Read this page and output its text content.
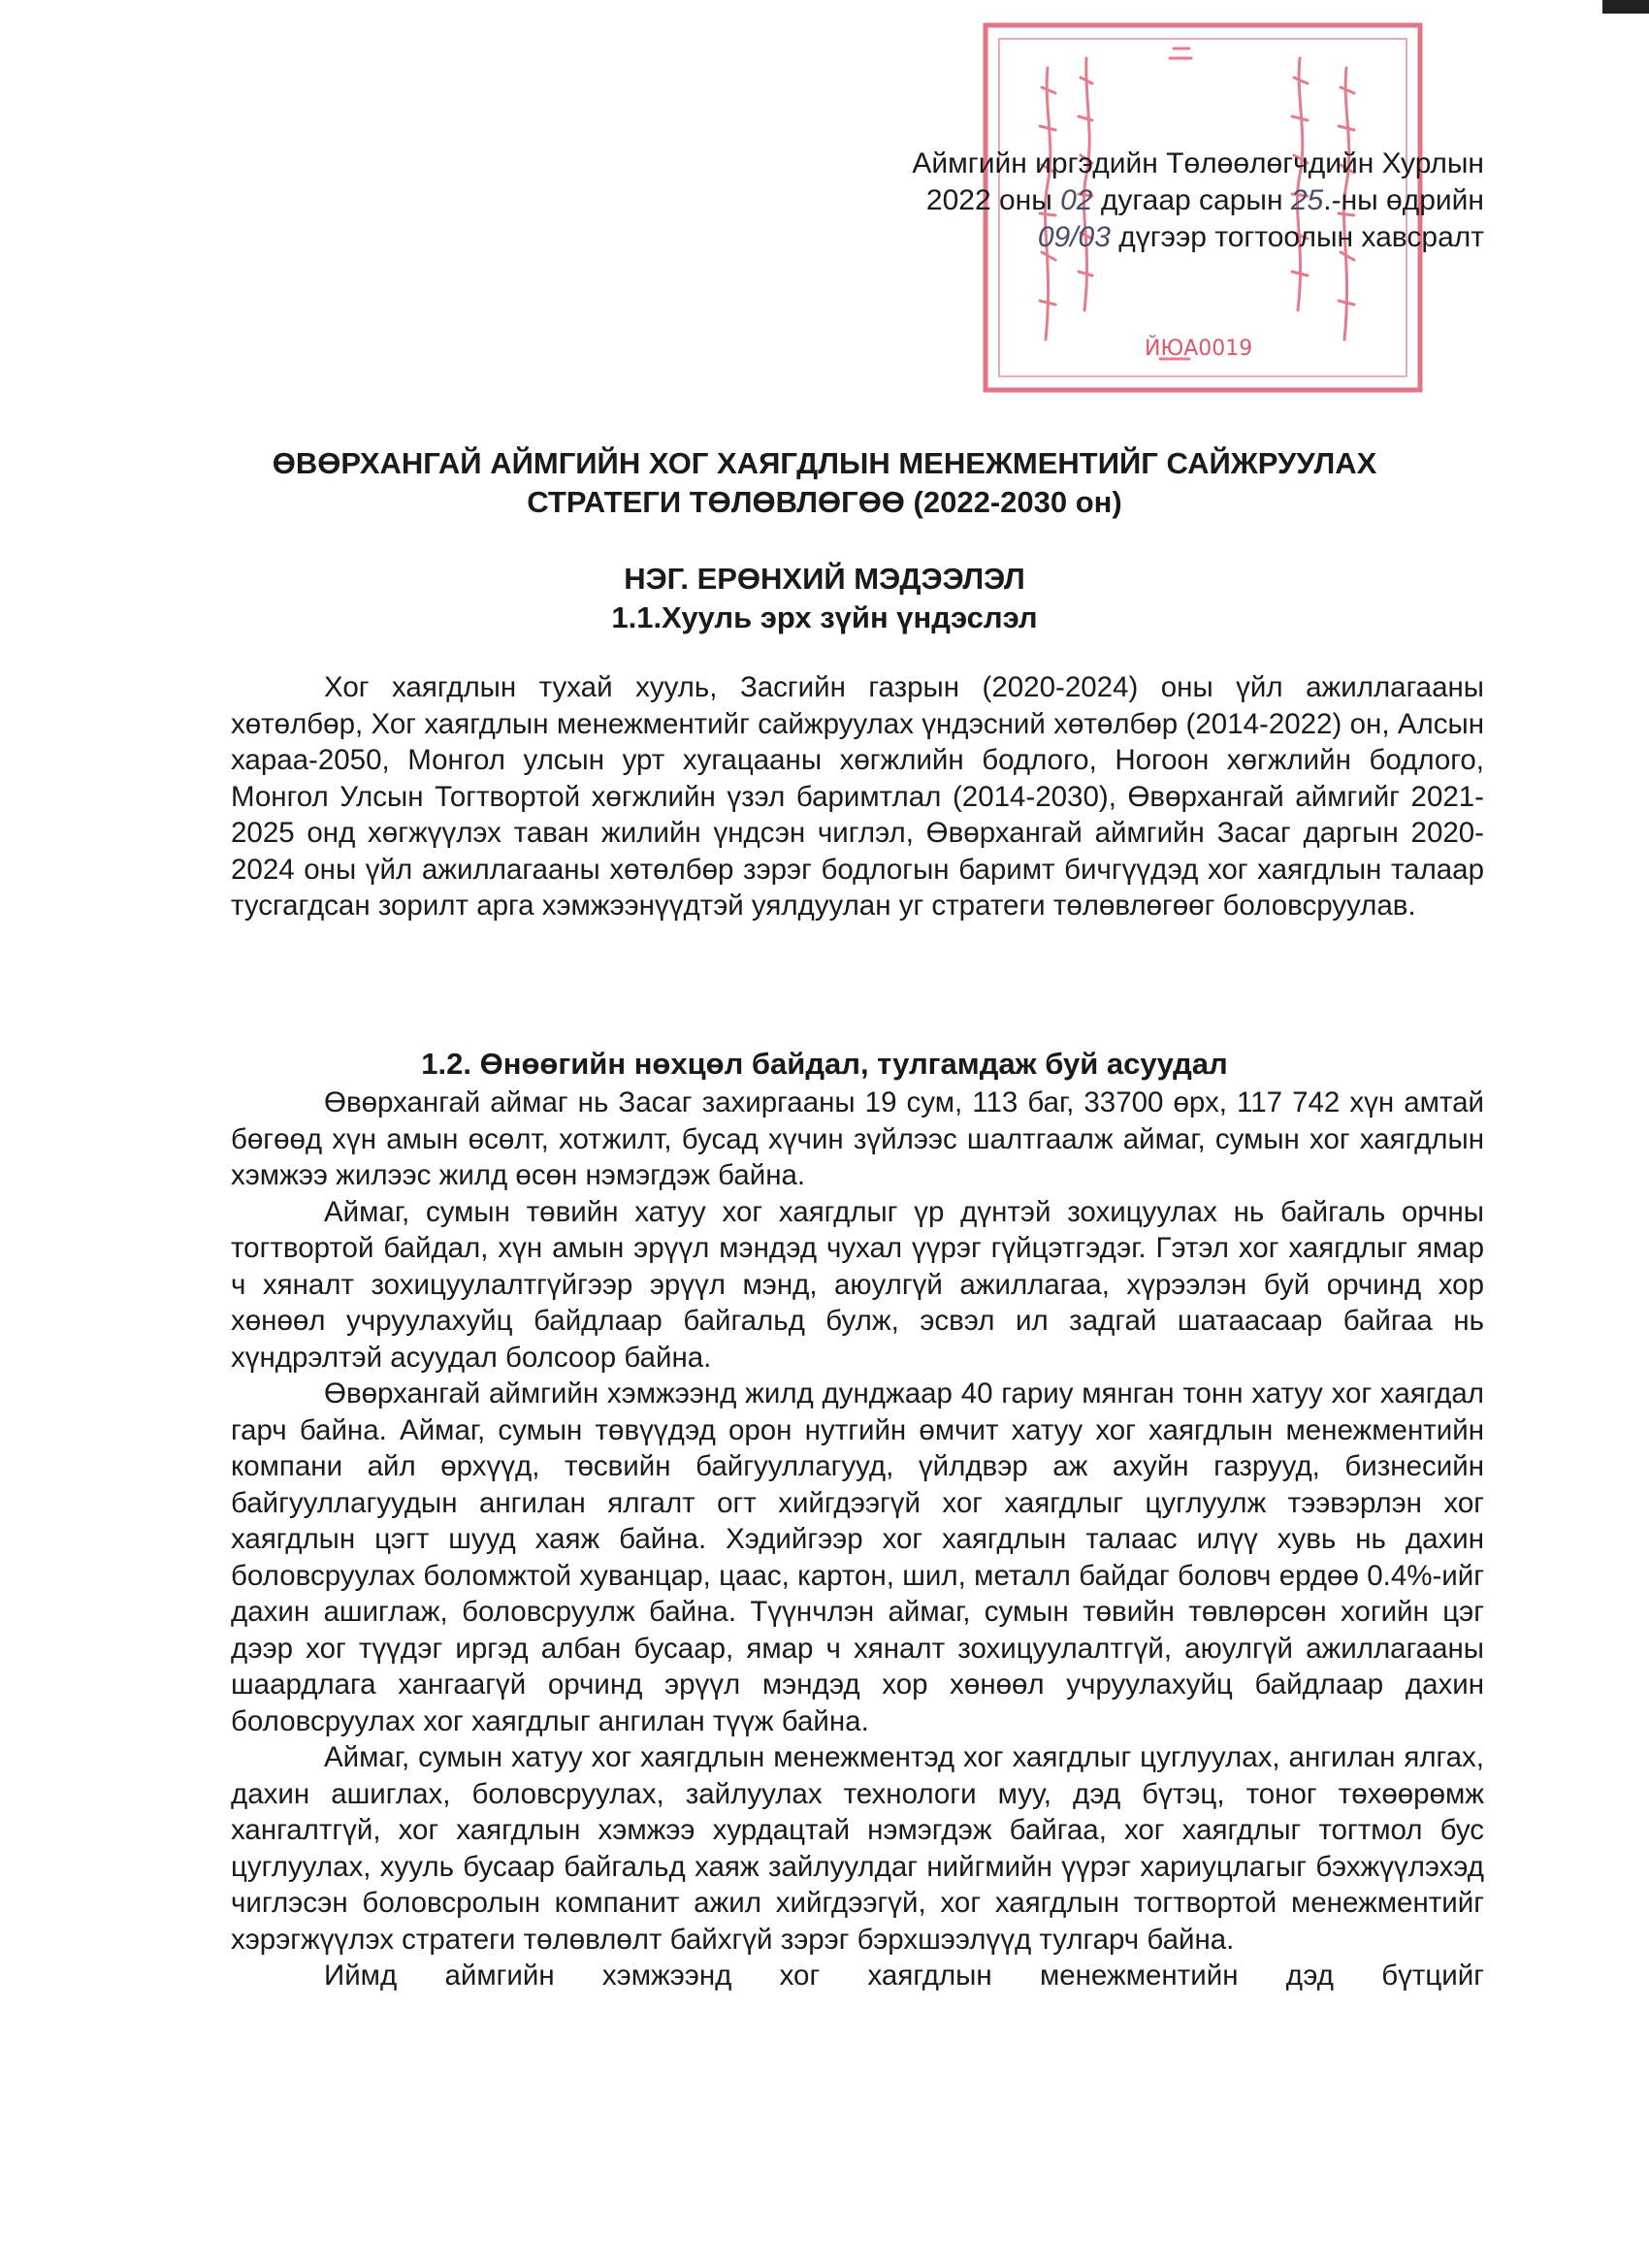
ЙЮА0019
Аймгийн иргэдийн Төлөөлөгчдийн Хурлын
2022 оны 02 дугаар сарын 25.-ны өдрийн
09/03 дүгээр тогтоолын хавсралт
ӨВӨРХАНГАЙ АЙМГИЙН ХОГ ХАЯГДЛЫН МЕНЕЖМЕНТИЙГ САЙЖРУУЛАХ
СТРАТЕГИ ТӨЛӨВЛӨГӨӨ (2022-2030 он)
НЭГ. ЕРӨНХИЙ МЭДЭЭЛЭЛ
1.1.Хууль эрх зүйн үндэслэл

Хог хаягдлын тухай хууль, Засгийн газрын (2020-2024) оны үйл ажиллагааны хөтөлбөр, Хог хаягдлын менежментийг сайжруулах үндэсний хөтөлбөр (2014-2022) он, Алсын хараа-2050, Монгол улсын урт хугацааны хөгжлийн бодлого, Ногоон хөгжлийн бодлого, Монгол Улсын Тогтвортой хөгжлийн үзэл баримтлал (2014-2030), Өвөрхангай аймгийг 2021-2025 онд хөгжүүлэх таван жилийн үндсэн чиглэл, Өвөрхангай аймгийн Засаг даргын 2020-2024 оны үйл ажиллагааны хөтөлбөр зэрэг бодлогын баримт бичгүүдэд хог хаягдлын талаар тусгагдсан зорилт арга хэмжээнүүдтэй уялдуулан уг стратеги төлөвлөгөөг боловсруулав.

1.2. Өнөөгийн нөхцөл байдал, тулгамдаж буй асуудал

Өвөрхангай аймаг нь Засаг захиргааны 19 сум, 113 баг, 33700 өрх, 117 742 хүн амтай бөгөөд хүн амын өсөлт, хотжилт, бусад хүчин зүйлээс шалтгаалж аймаг, сумын хог хаягдлын хэмжээ жилээс жилд өсөн нэмэгдэж байна.

Аймаг, сумын төвийн хатуу хог хаягдлыг үр дүнтэй зохицуулах нь байгаль орчны тогтвортой байдал, хүн амын эрүүл мэндэд чухал үүрэг гүйцэтгэдэг. Гэтэл хог хаягдлыг ямар ч хяналт зохицуулалтгүйгээр эрүүл мэнд, аюулгүй ажиллагаа, хүрээлэн буй орчинд хор хөнөөл учруулахуйц байдлаар байгальд булж, эсвэл ил задгай шатаасаар байгаа нь хүндрэлтэй асуудал болсоор байна.

Өвөрхангай аймгийн хэмжээнд жилд дунджаар 40 гариу мянган тонн хатуу хог хаягдал гарч байна. Аймаг, сумын төвүүдэд орон нутгийн өмчит хатуу хог хаягдлын менежментийн компани айл өрхүүд, төсвийн байгууллагууд, үйлдвэр аж ахуйн газрууд, бизнесийн байгууллагуудын ангилан ялгалт огт хийгдээгүй хог хаягдлыг цуглуулж тээвэрлэн хог хаягдлын цэгт шууд хаяж байна. Хэдийгээр хог хаягдлын талаас илүү хувь нь дахин боловсруулах боломжтой хуванцар, цаас, картон, шил, металл байдаг боловч ердөө 0.4%-ийг дахин ашиглаж, боловсруулж байна. Түүнчлэн аймаг, сумын төвийн төвлөрсөн хогийн цэг дээр хог түүдэг иргэд албан бусаар, ямар ч хяналт зохицуулалтгүй, аюулгүй ажиллагааны шаардлага хангаагүй орчинд эрүүл мэндэд хор хөнөөл учруулахуйц байдлаар дахин боловсруулах хог хаягдлыг ангилан түүж байна.

Аймаг, сумын хатуу хог хаягдлын менежментэд хог хаягдлыг цуглуулах, ангилан ялгах, дахин ашиглах, боловсруулах, зайлуулах технологи муу, дэд бүтэц, тоног төхөөрөмж хангалтгүй, хог хаягдлын хэмжээ хурдацтай нэмэгдэж байгаа, хог хаягдлыг тогтмол бус цуглуулах, хууль бусаар байгальд хаяж зайлуулдаг нийгмийн үүрэг хариуцлагыг бэхжүүлэхэд чиглэсэн боловсролын компанит ажил хийгдээгүй, хог хаягдлын тогтвортой менежментийг хэрэгжүүлэх стратеги төлөвлөлт байхгүй зэрэг бэрхшээлүүд тулгарч байна.

Иймд аймгийн хэмжээнд хог хаягдлын менежментийн дэд бүтцийг
